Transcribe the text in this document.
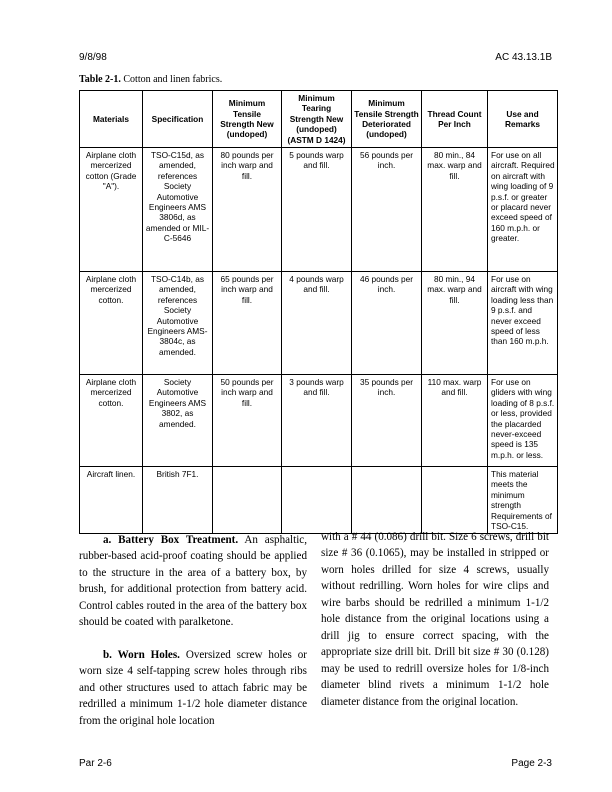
9/8/98	AC 43.13.1B
Table 2-1. Cotton and linen fabrics.
Materials	Specification	Minimum Tensile Strength New (undoped)	Minimum Tearing Strength New (undoped) (ASTM D 1424)	Minimum Tensile Strength Deteriorated (undoped)	Thread Count Per Inch	Use and Remarks
Airplane cloth mercerized cotton (Grade "A").	TSO-C15d, as amended, references Society Automotive Engineers AMS 3806d, as amended or MIL-C-5646	80 pounds per inch warp and fill.	5 pounds warp and fill.	56 pounds per inch.	80 min., 84 max. warp and fill.	For use on all aircraft. Required on aircraft with wing loading of 9 p.s.f. or greater or placard never exceed speed of 160 m.p.h. or greater.
Airplane cloth mercerized cotton.	TSO-C14b, as amended, references Society Automotive Engineers AMS-3804c, as amended.	65 pounds per inch warp and fill.	4 pounds warp and fill.	46 pounds per inch.	80 min., 94 max. warp and fill.	For use on aircraft with wing loading less than 9 p.s.f. and never exceed speed of less than 160 m.p.h.
Airplane cloth mercerized cotton.	Society Automotive Engineers AMS 3802, as amended.	50 pounds per inch warp and fill.	3 pounds warp and fill.	35 pounds per inch.	110 max. warp and fill.	For use on gliders with wing loading of 8 p.s.f. or less, provided the placarded never-exceed speed is 135 m.p.h. or less.
Aircraft linen.	British 7F1.					This material meets the minimum strength Requirements of TSO-C15.

a. Battery Box Treatment. An asphaltic, rubber-based acid-proof coating should be applied to the structure in the area of a battery box, by brush, for additional protection from battery acid. Control cables routed in the area of the battery box should be coated with paralketone.

b. Worn Holes. Oversized screw holes or worn size 4 self-tapping screw holes through ribs and other structures used to attach fabric may be redrilled a minimum 1-1/2 hole diameter distance from the original hole location

with a # 44 (0.086) drill bit. Size 6 screws, drill bit size # 36 (0.1065), may be installed in stripped or worn holes drilled for size 4 screws, usually without redrilling. Worn holes for wire clips and wire barbs should be redrilled a minimum 1-1/2 hole distance from the original locations using a drill jig to ensure correct spacing, with the appropriate size drill bit. Drill bit size # 30 (0.128) may be used to redrill oversize holes for 1/8-inch diameter blind rivets a minimum 1-1/2 hole diameter distance from the original location.

Par 2-6	Page 2-3
